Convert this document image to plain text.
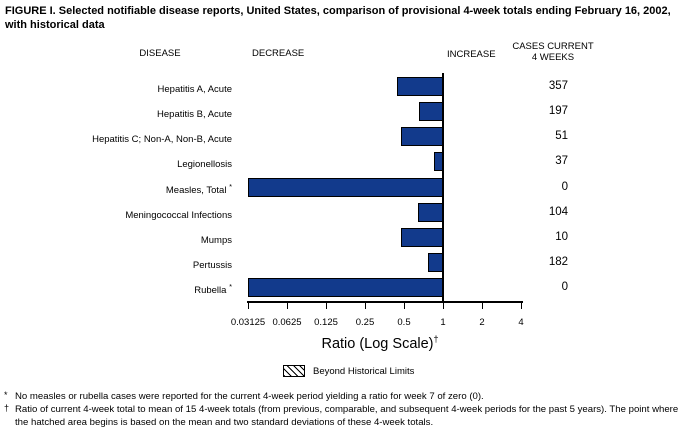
FIGURE I. Selected notifiable disease reports, United States, comparison of provisional 4-week totals ending February 16, 2002,
with historical data
DISEASE	DECREASE	INCREASE
CASES CURRENT
4 WEEKS
Hepatitis A, Acute	357
Hepatitis B, Acute	197
Hepatitis C; Non-A, Non-B, Acute	51
Legionellosis	37
Measles, Total *	0
Meningococcal Infections	104
Mumps	10
Pertussis	182
Rubella *	0
0.03125 0.0625	0.125	0.25	0.5	1	2	4
Ratio (Log Scale)†
Beyond Historical Limits
* No measles or rubella cases were reported for the current 4-week period yielding a ratio for week 7 of zero (0).
† Ratio of current 4-week total to mean of 15 4-week totals (from previous, comparable, and subsequent 4-week periods for the past 5 years). The point where the hatched area begins is based on the mean and two standard deviations of these 4-week totals.
